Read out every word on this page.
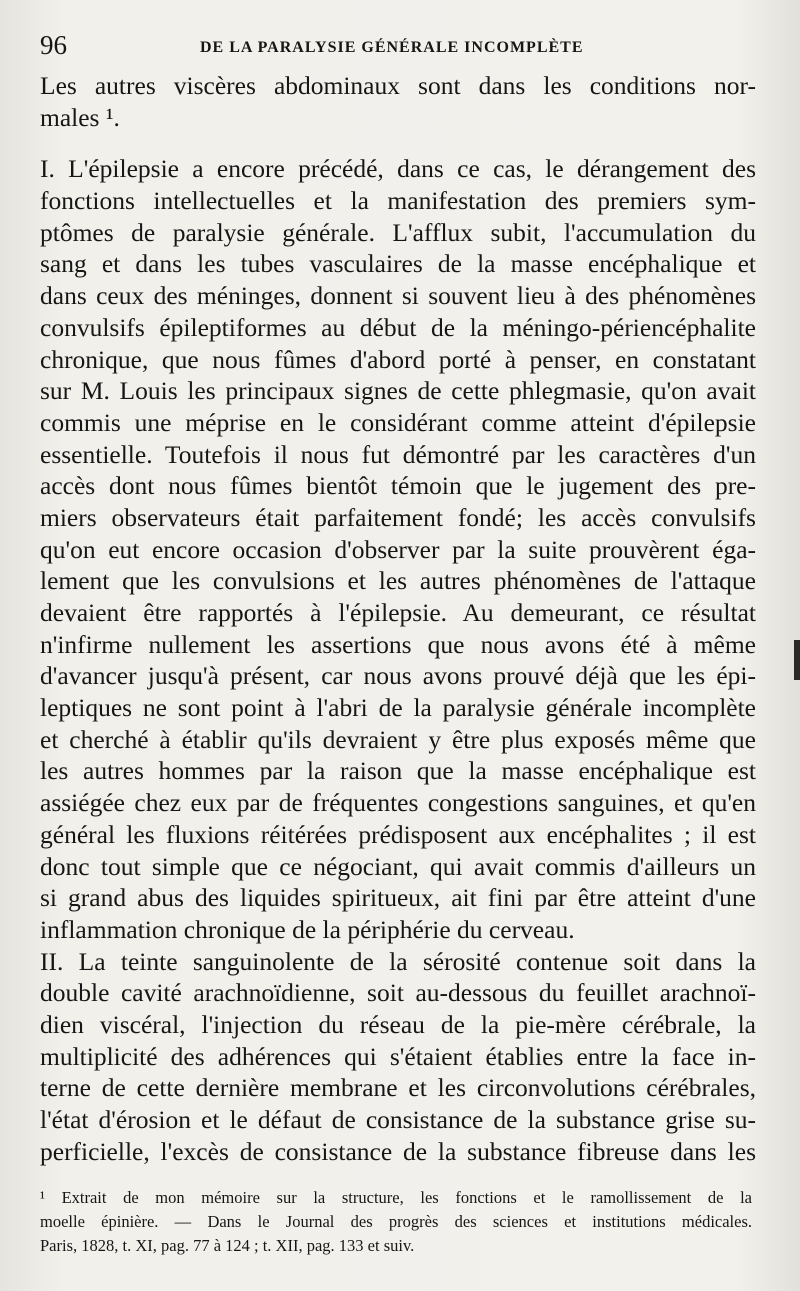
96	DE LA PARALYSIE GÉNÉRALE INCOMPLÈTE
Les autres viscères abdominaux sont dans les conditions nor-
males ¹.
I. L'épilepsie a encore précédé, dans ce cas, le dérangement des
fonctions intellectuelles et la manifestation des premiers sym-
ptômes de paralysie générale. L'afflux subit, l'accumulation du
sang et dans les tubes vasculaires de la masse encéphalique et
dans ceux des méninges, donnent si souvent lieu à des phénomènes
convulsifs épileptiformes au début de la méningo-périencéphalite
chronique, que nous fûmes d'abord porté à penser, en constatant
sur M. Louis les principaux signes de cette phlegmasie, qu'on avait
commis une méprise en le considérant comme atteint d'épilepsie
essentielle. Toutefois il nous fut démontré par les caractères d'un
accès dont nous fûmes bientôt témoin que le jugement des pre-
miers observateurs était parfaitement fondé; les accès convulsifs
qu'on eut encore occasion d'observer par la suite prouvèrent éga-
lement que les convulsions et les autres phénomènes de l'attaque
devaient être rapportés à l'épilepsie. Au demeurant, ce résultat
n'infirme nullement les assertions que nous avons été à même
d'avancer jusqu'à présent, car nous avons prouvé déjà que les épi-
leptiques ne sont point à l'abri de la paralysie générale incomplète
et cherché à établir qu'ils devraient y être plus exposés même que
les autres hommes par la raison que la masse encéphalique est
assiégée chez eux par de fréquentes congestions sanguines, et qu'en
général les fluxions réitérées prédisposent aux encéphalites ; il est
donc tout simple que ce négociant, qui avait commis d'ailleurs un
si grand abus des liquides spiritueux, ait fini par être atteint d'une
inflammation chronique de la périphérie du cerveau.
II. La teinte sanguinolente de la sérosité contenue soit dans la
double cavité arachnoïdienne, soit au-dessous du feuillet arachnoï-
dien viscéral, l'injection du réseau de la pie-mère cérébrale, la
multiplicité des adhérences qui s'étaient établies entre la face in-
terne de cette dernière membrane et les circonvolutions cérébrales,
l'état d'érosion et le défaut de consistance de la substance grise su-
perficielle, l'excès de consistance de la substance fibreuse dans les
¹ Extrait de mon mémoire sur la structure, les fonctions et le ramollissement de la
moelle épinière. — Dans le Journal des progrès des sciences et institutions médicales.
Paris, 1828, t. XI, pag. 77 à 124 ; t. XII, pag. 133 et suiv.
